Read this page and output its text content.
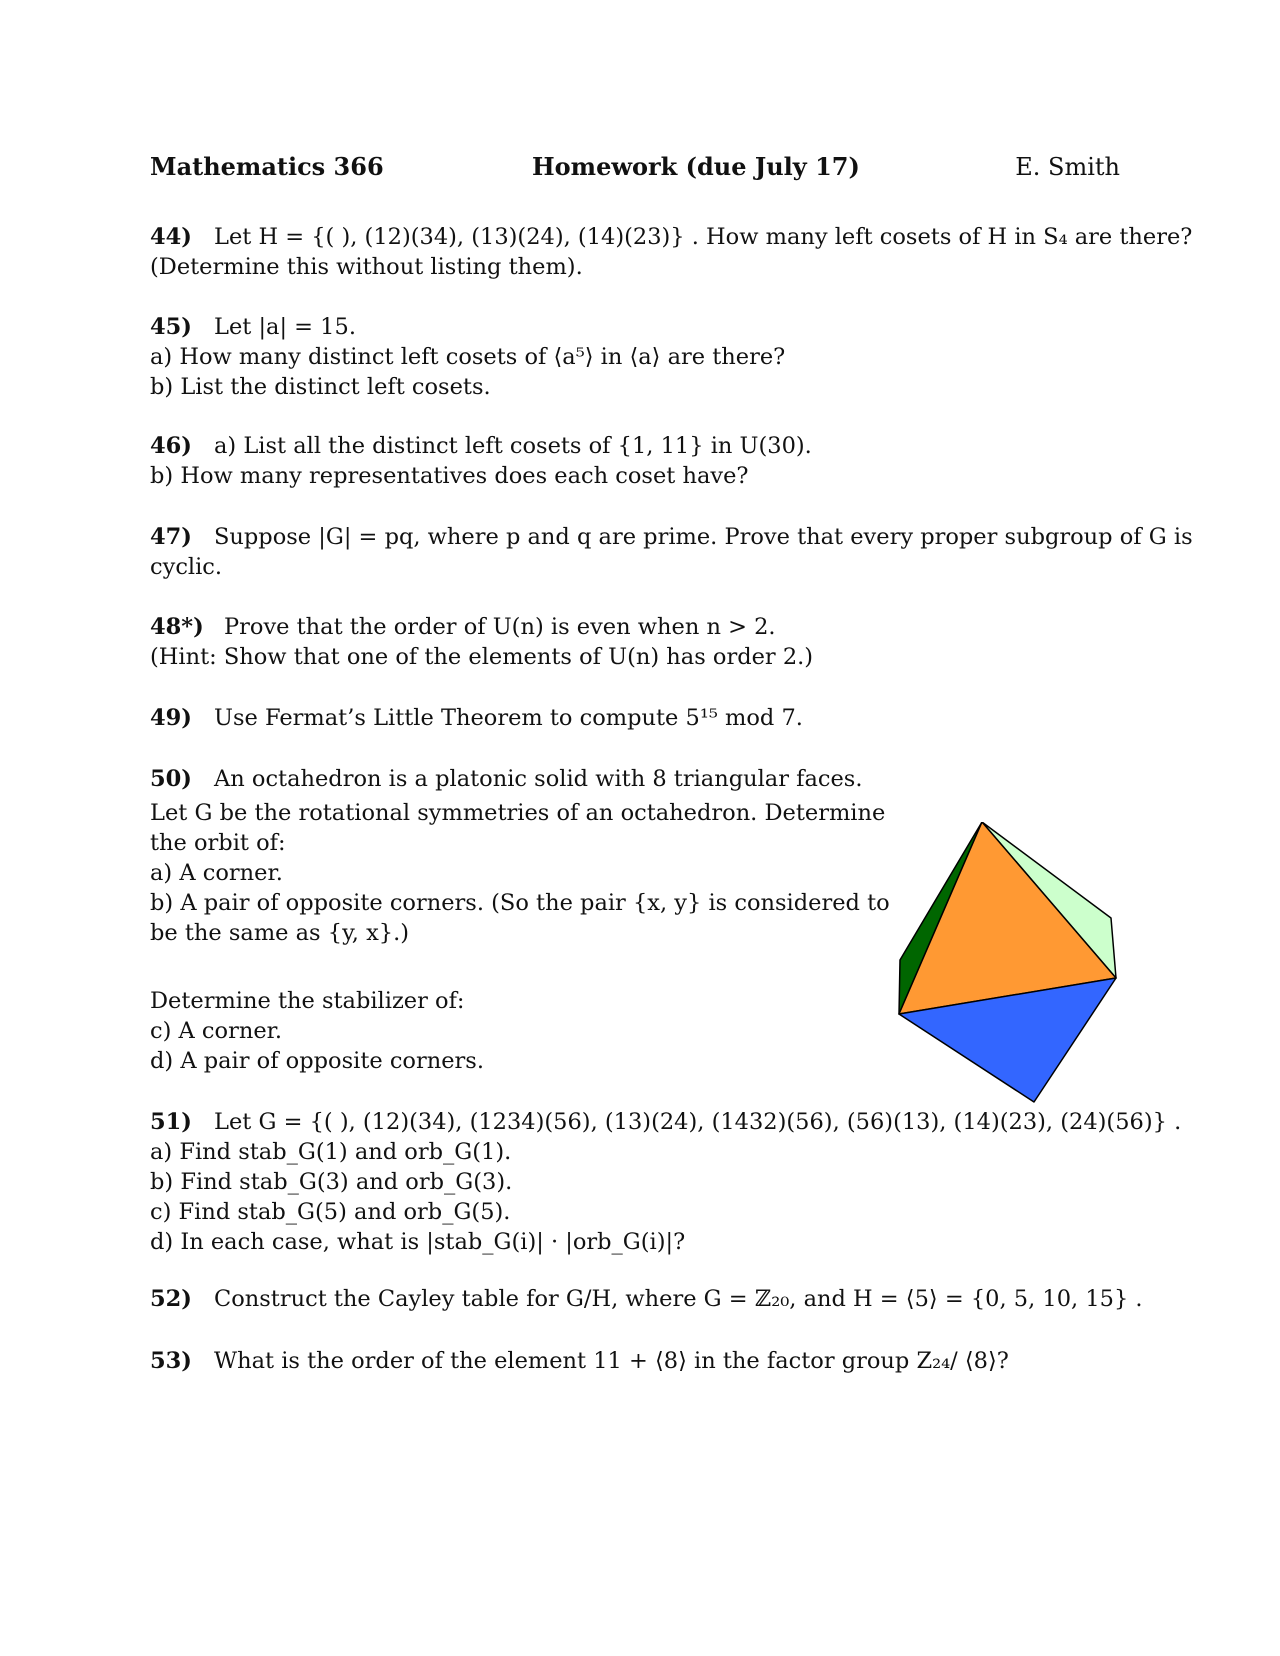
Mathematics 366	Homework (due July 17)	E. Smith
44) Let H = {( ), (12)(34), (13)(24), (14)(23)} . How many left cosets of H in S₄ are there?
(Determine this without listing them).
45) Let |a| = 15.
a) How many distinct left cosets of ⟨a⁵⟩ in ⟨a⟩ are there?
b) List the distinct left cosets.
46) a) List all the distinct left cosets of {1, 11} in U(30).
b) How many representatives does each coset have?
47) Suppose |G| = pq, where p and q are prime. Prove that every proper subgroup of G is
cyclic.
48*) Prove that the order of U(n) is even when n > 2.
(Hint: Show that one of the elements of U(n) has order 2.)
49) Use Fermat’s Little Theorem to compute 5¹⁵ mod 7.
50) An octahedron is a platonic solid with 8 triangular faces.
Let G be the rotational symmetries of an octahedron. Determine
the orbit of:
a) A corner.
b) A pair of opposite corners. (So the pair {x, y} is considered to
be the same as {y, x}.)
Determine the stabilizer of:
c) A corner.
d) A pair of opposite corners.
51) Let G = {( ), (12)(34), (1234)(56), (13)(24), (1432)(56), (56)(13), (14)(23), (24)(56)} .
a) Find stab_G(1) and orb_G(1).
b) Find stab_G(3) and orb_G(3).
c) Find stab_G(5) and orb_G(5).
d) In each case, what is |stab_G(i)| · |orb_G(i)|?
52) Construct the Cayley table for G/H, where G = ℤ₂₀, and H = ⟨5⟩ = {0, 5, 10, 15} .
53) What is the order of the element 11 + ⟨8⟩ in the factor group Z₂₄/ ⟨8⟩?
